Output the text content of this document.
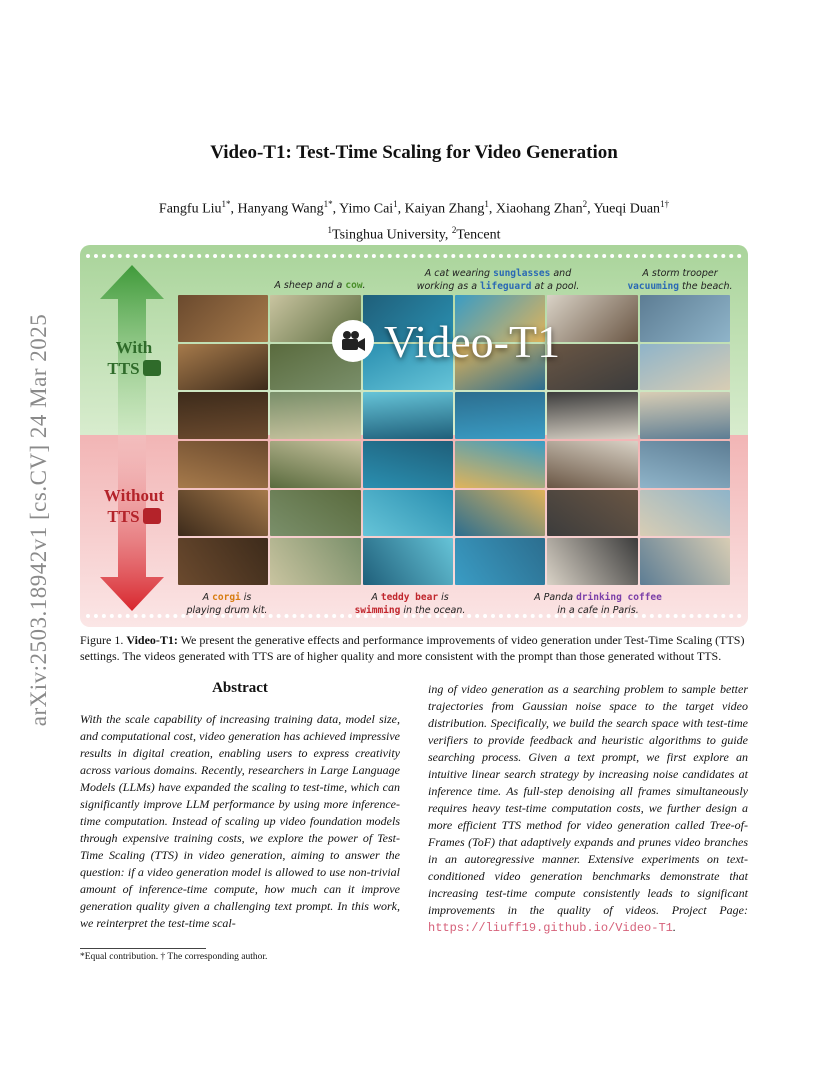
arXiv:2503.18942v1 [cs.CV] 24 Mar 2025
Video-T1: Test-Time Scaling for Video Generation
Fangfu Liu$^{1*}$, Hanyang Wang$^{1*}$, Yimo Cai$^1$, Kaiyan Zhang$^1$, Xiaohang Zhan$^2$, Yueqi Duan$^{1\dagger}$
$^1$Tsinghua University, $^2$Tencent
With
TTS
Without
TTS
A sheep and a cow.
A cat wearing sunglasses and
working as a lifeguard at a pool.
A storm trooper
vacuuming the beach.
Video-T1
A corgi is
playing drum kit.
A teddy bear is
swimming in the ocean.
A Panda drinking coffee
in a cafe in Paris.
Figure 1. Video-T1: We present the generative effects and performance improvements of video generation under Test-Time Scaling (TTS) settings. The videos generated with TTS are of higher quality and more consistent with the prompt than those generated without TTS.
Abstract

With the scale capability of increasing training data, model size, and computational cost, video generation has achieved impressive results in digital creation, enabling users to express creativity across various domains. Recently, researchers in Large Language Models (LLMs) have expanded the scaling to test-time, which can significantly improve LLM performance by using more inference-time computation. Instead of scaling up video foundation models through expensive training costs, we explore the power of Test-Time Scaling (TTS) in video generation, aiming to answer the question: if a video generation model is allowed to use non-trivial amount of inference-time compute, how much can it improve generation quality given a challenging text prompt. In this work, we reinterpret the test-time scal-

ing of video generation as a searching problem to sample better trajectories from Gaussian noise space to the target video distribution. Specifically, we build the search space with test-time verifiers to provide feedback and heuristic algorithms to guide searching process. Given a text prompt, we first explore an intuitive linear search strategy by increasing noise candidates at inference time. As full-step denoising all frames simultaneously requires heavy test-time computation costs, we further design a more efficient TTS method for video generation called Tree-of-Frames (ToF) that adaptively expands and prunes video branches in an autoregressive manner. Extensive experiments on text-conditioned video generation benchmarks demonstrate that increasing test-time compute consistently leads to significant improvements in the quality of videos. Project Page: https://liuff19.github.io/Video-T1.

*Equal contribution. † The corresponding author.
